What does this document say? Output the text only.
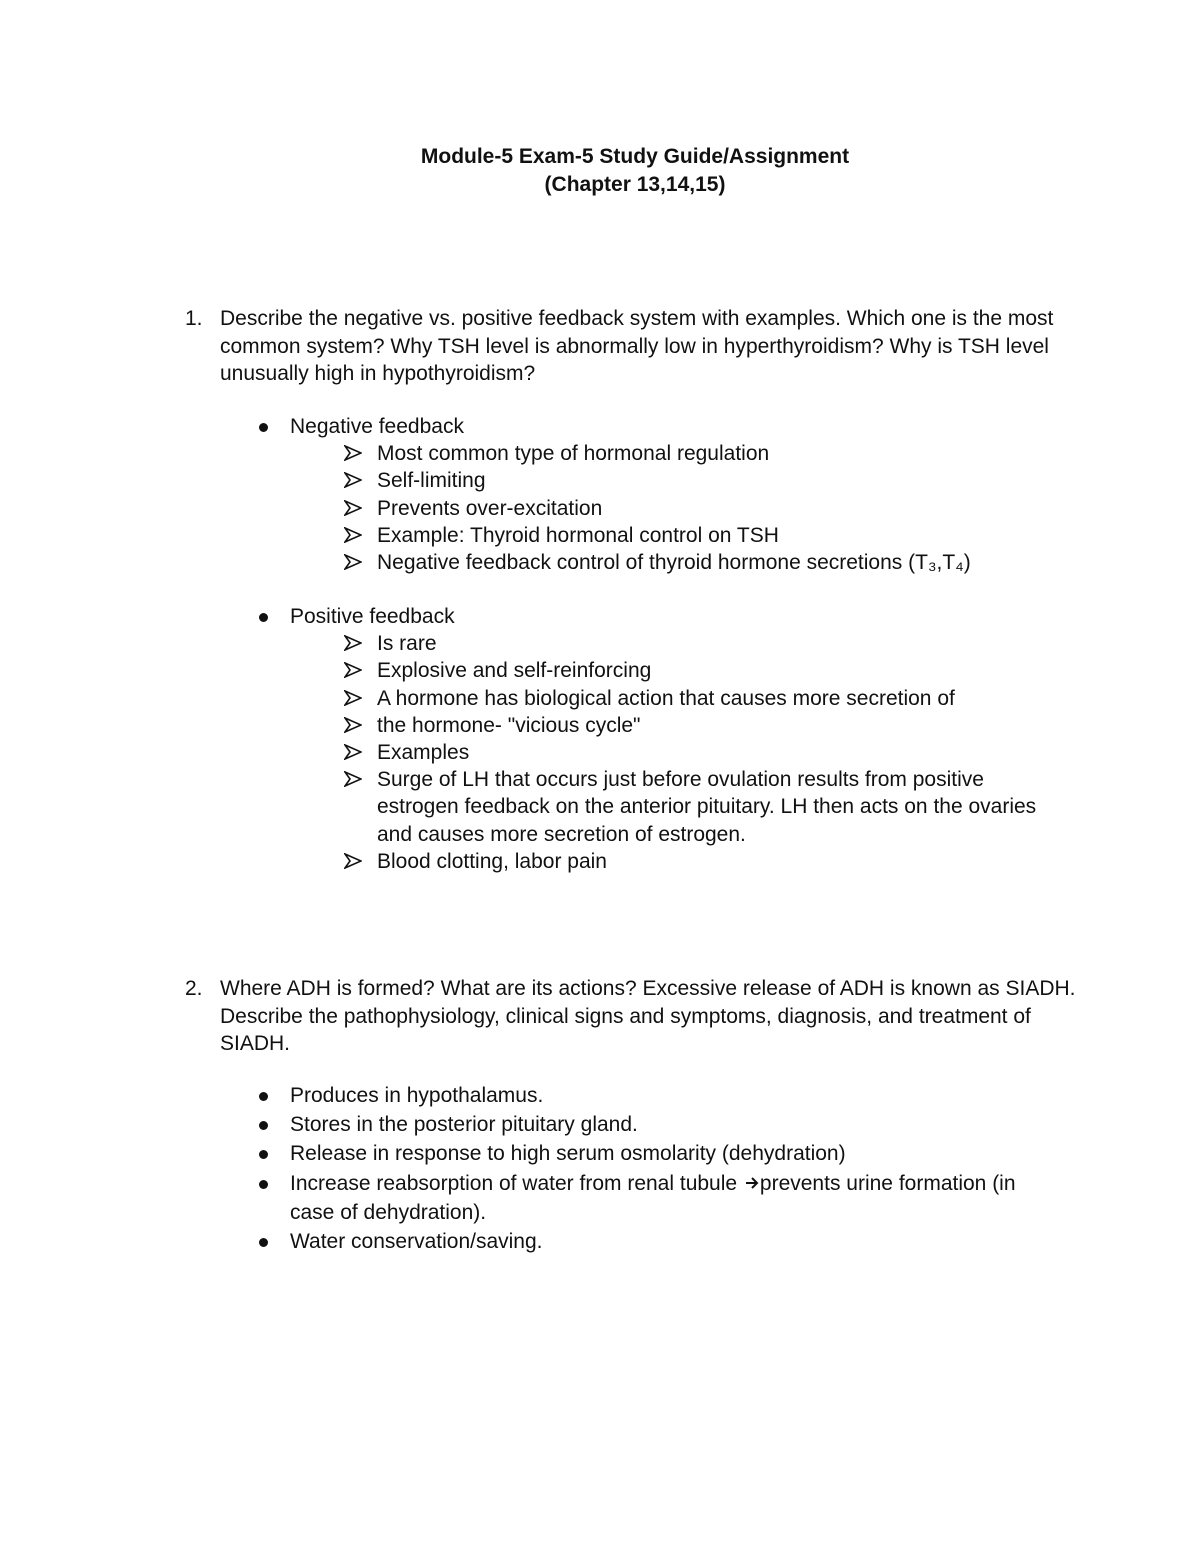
Module-5 Exam-5 Study Guide/Assignment
(Chapter 13,14,15)
1. Describe the negative vs. positive feedback system with examples. Which one is the most common system? Why TSH level is abnormally low in hyperthyroidism? Why is TSH level unusually high in hypothyroidism?
Negative feedback
Most common type of hormonal regulation
Self-limiting
Prevents over-excitation
Example: Thyroid hormonal control on TSH
Negative feedback control of thyroid hormone secretions (T₃,T₄)
Positive feedback
Is rare
Explosive and self-reinforcing
A hormone has biological action that causes more secretion of
the hormone- "vicious cycle"
Examples
Surge of LH that occurs just before ovulation results from positive estrogen feedback on the anterior pituitary. LH then acts on the ovaries and causes more secretion of estrogen.
Blood clotting, labor pain
2. Where ADH is formed? What are its actions? Excessive release of ADH is known as SIADH. Describe the pathophysiology, clinical signs and symptoms, diagnosis, and treatment of SIADH.
Produces in hypothalamus.
Stores in the posterior pituitary gland.
Release in response to high serum osmolarity (dehydration)
Increase reabsorption of water from renal tubule prevents urine formation (in case of dehydration).
Water conservation/saving.
